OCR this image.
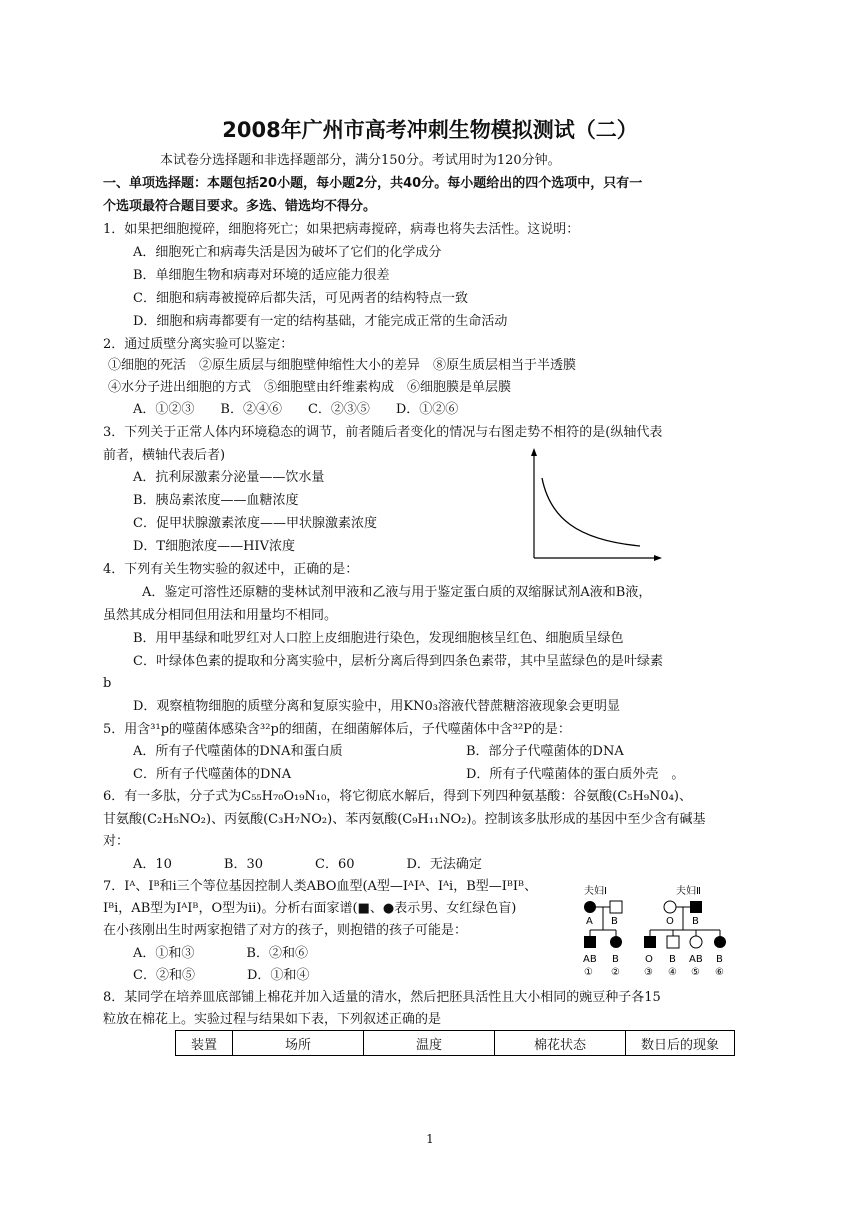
2008年广州市高考冲刺生物模拟测试（二）
本试卷分选择题和非选择题部分，满分150分。考试用时为120分钟。
一、单项选择题：本题包括20小题，每小题2分，共40分。每小题给出的四个选项中，只有一
个选项最符合题目要求。多选、错选均不得分。
1．如果把细胞搅碎，细胞将死亡；如果把病毒搅碎，病毒也将失去活性。这说明：
A．细胞死亡和病毒失活是因为破坏了它们的化学成分
B．单细胞生物和病毒对环境的适应能力很差
C．细胞和病毒被搅碎后都失活，可见两者的结构特点一致
D．细胞和病毒都要有一定的结构基础，才能完成正常的生命活动
2．通过质壁分离实验可以鉴定：
①细胞的死活　②原生质层与细胞壁伸缩性大小的差异　⑧原生质层相当于半透膜
④水分子进出细胞的方式　⑤细胞壁由纤维素构成　⑥细胞膜是单层膜
A．①②③　　B．②④⑥　　C．②③⑤　　D．①②⑥
3．下列关于正常人体内环境稳态的调节，前者随后者变化的情况与右图走势不相符的是(纵轴代表
前者，横轴代表后者)
A．抗利尿激素分泌量——饮水量
B．胰岛素浓度——血糖浓度
C．促甲状腺激素浓度——甲状腺激素浓度
D．T细胞浓度——HIV浓度
4．下列有关生物实验的叙述中，正确的是：
A．鉴定可溶性还原糖的斐林试剂甲液和乙液与用于鉴定蛋白质的双缩脲试剂A液和B液，
虽然其成分相同但用法和用量均不相同。
B．用甲基绿和吡罗红对人口腔上皮细胞进行染色，发现细胞核呈红色、细胞质呈绿色
C．叶绿体色素的提取和分离实验中，层析分离后得到四条色素带，其中呈蓝绿色的是叶绿素
b
D．观察植物细胞的质壁分离和复原实验中，用KN0₃溶液代替蔗糖溶液现象会更明显
5．用含³¹p的噬菌体感染含³²p的细菌，在细菌解体后，子代噬菌体中含³²P的是：
A．所有子代噬菌体的DNA和蛋白质	B．部分子代噬菌体的DNA
C．所有子代噬菌体的DNA	D．所有子代噬菌体的蛋白质外壳　。
6．有一多肽，分子式为C₅₅H₇₀O₁₉N₁₀，将它彻底水解后，得到下列四种氨基酸：谷氨酸(C₅H₉N0₄)、
甘氨酸(C₂H₅NO₂)、丙氨酸(C₃H₇NO₂)、苯丙氨酸(C₉H₁₁NO₂)。控制该多肽形成的基因中至少含有碱基
对：
A．10　　　　B．30　　　　C．60　　　　D．无法确定
7．Iᴬ、Iᴮ和i三个等位基因控制人类ABO血型(A型—IᴬIᴬ、Iᴬi，B型—IᴮIᴮ、
Iᴮi，AB型为IᴬIᴮ，O型为ii)。分析右面家谱(■、●表示男、女红绿色盲)
在小孩刚出生时两家抱错了对方的孩子，则抱错的孩子可能是：
A．①和③　　　　B．②和⑥
C．②和⑤　　　　D．①和④
夫妇Ⅰ	夫妇Ⅱ
A B	O B
AB B	O B AB B
① ② ③ ④ ⑤ ⑥
8．某同学在培养皿底部铺上棉花并加入适量的清水，然后把胚具活性且大小相同的豌豆种子各15
粒放在棉花上。实验过程与结果如下表，下列叙述正确的是
装置	场所	温度	棉花状态	数日后的现象
1
